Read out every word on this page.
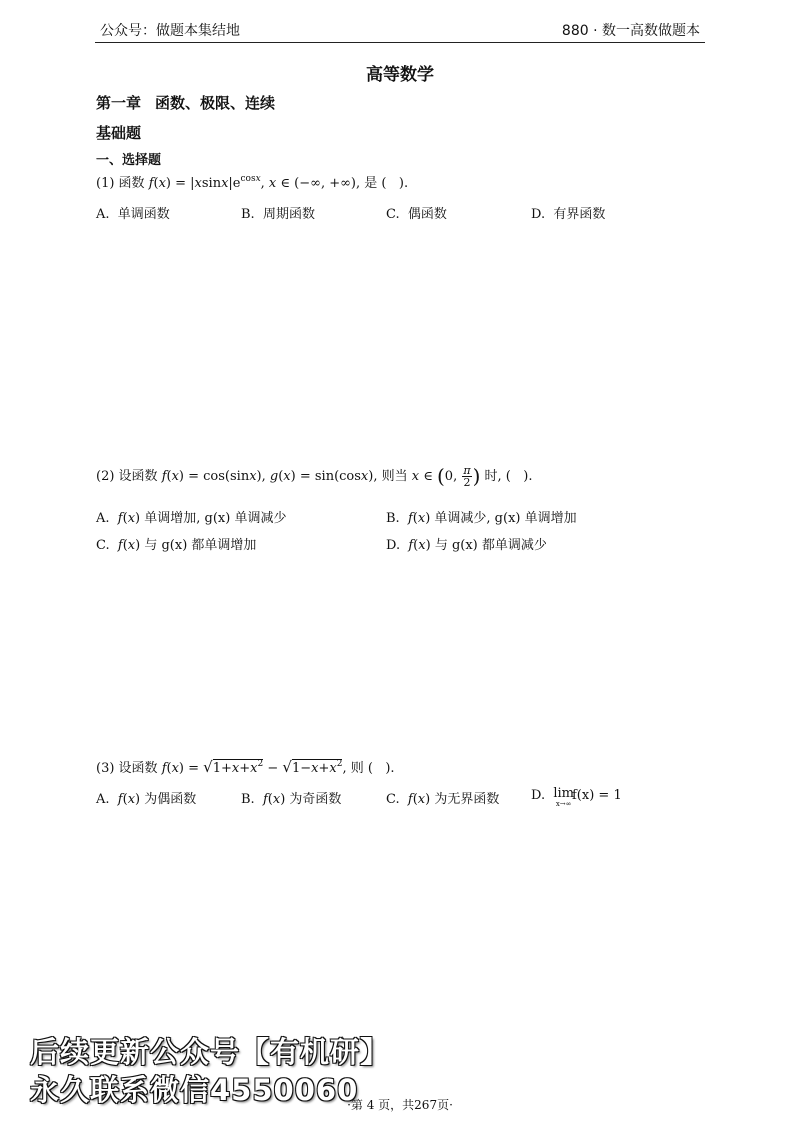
公众号：做题本集结地	880 · 数一高数做题本
高等数学
第一章 函数、极限、连续
基础题
一、选择题
(1) 函数 $f(x) = |xsinx|e^{cosx}$, x ∈ (−∞, +∞), 是 (   ).
A. 单调函数	B. 周期函数	C. 偶函数	D. 有界函数
(2) 设函数 f(x) = cos(sinx), g(x) = sin(cosx), 则当 x ∈ (0, $\frac{\pi}{2}$ ) 时, (   ).
A. f(x) 单调增加, g(x) 单调减少	B. f(x) 单调减少, g(x) 单调增加
C. f(x) 与 g(x) 都单调增加	D. f(x) 与 g(x) 都单调减少
(3) 设函数 $f(x) = √1+x+x^2 - √1-x+x^2$, 则 (   ).
A. f(x) 为偶函数	B. f(x) 为奇函数	C. f(x) 为无界函数 D. lim
x→∞
f(x) = 1
后续更新公众号【有机研】
永久联系微信4550060
·第 4 页，共267页·
